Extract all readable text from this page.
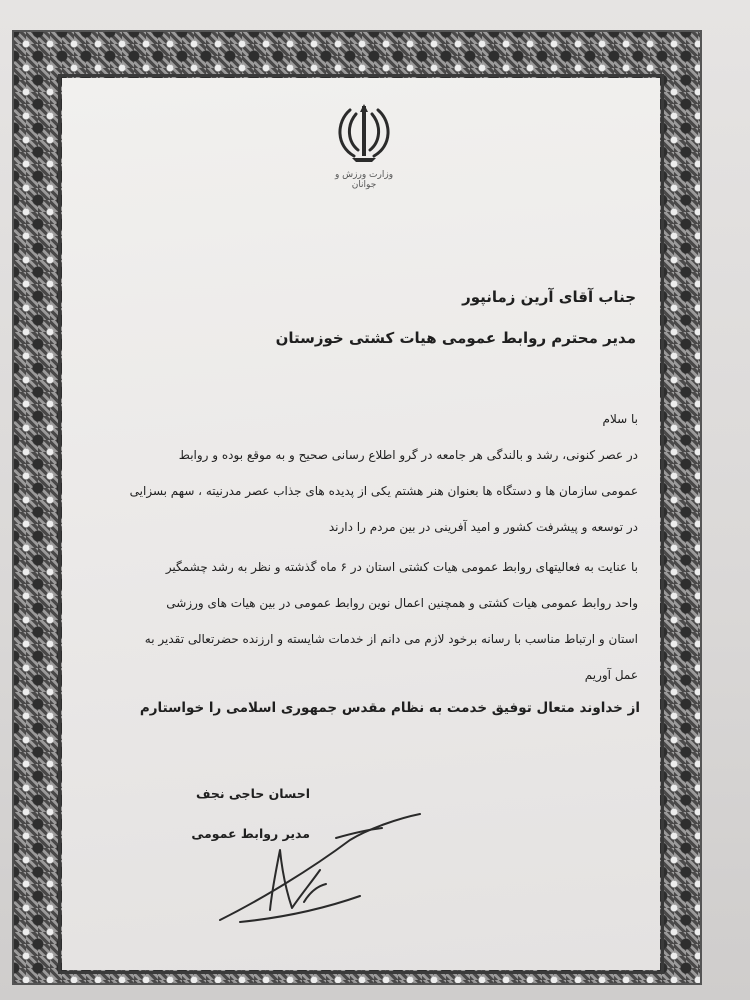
وزارت ورزش و جوانان
جناب آقای آرین زمانپور
مدیر محترم روابط عمومی هیات کشتی خوزستان
با سلام
در عصر کنونی، رشد و بالندگی هر جامعه در گرو اطلاع رسانی صحیح و به موقع بوده و روابط
عمومی سازمان ها و دستگاه ها بعنوان هنر هشتم یکی از پدیده های جذاب عصر مدرنیته ، سهم بسزایی
در توسعه و پیشرفت کشور و امید آفرینی در بین مردم را دارند
با عنایت به فعالیتهای روابط عمومی هیات کشتی استان در ۶ ماه گذشته و نظر به رشد چشمگیر
واحد روابط عمومی هیات کشتی و همچنین اعمال نوین روابط عمومی در بین هیات های ورزشی
استان و ارتباط مناسب با رسانه برخود لازم می دانم از خدمات شایسته و ارزنده حضرتعالی تقدیر به
عمل آوریم
از خداوند متعال توفیق خدمت به نظام مقدس جمهوری اسلامی را خواستارم
احسان حاجی نجف
مدیر روابط عمومی
